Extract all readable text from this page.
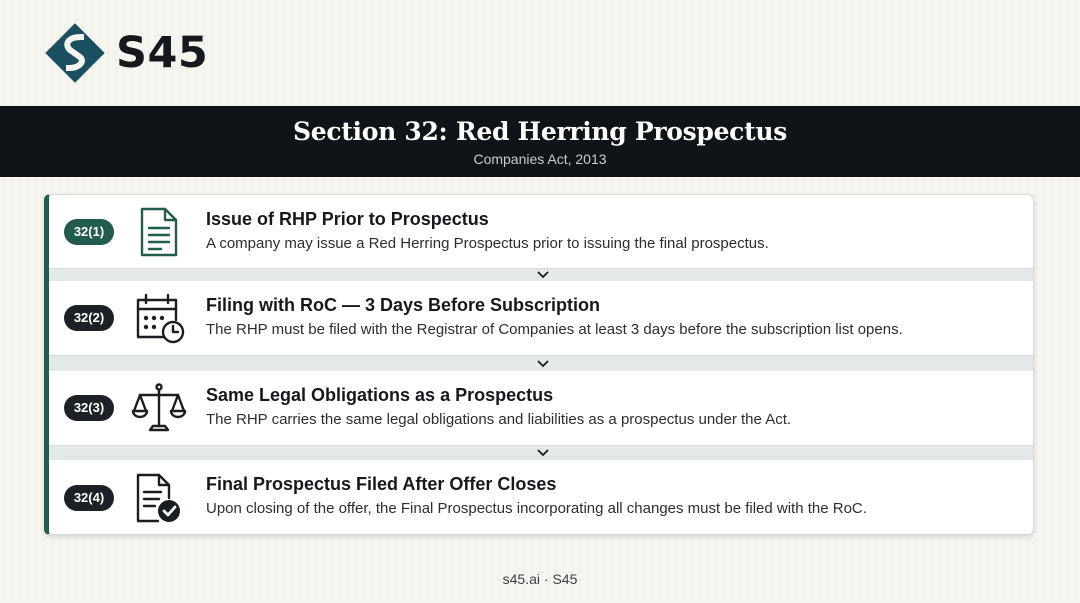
S45
Section 32: Red Herring Prospectus
Companies Act, 2013
32(1)
Issue of RHP Prior to Prospectus
A company may issue a Red Herring Prospectus prior to issuing the final prospectus.
32(2)
Filing with RoC — 3 Days Before Subscription
The RHP must be filed with the Registrar of Companies at least 3 days before the subscription list opens.
32(3)
Same Legal Obligations as a Prospectus
The RHP carries the same legal obligations and liabilities as a prospectus under the Act.
32(4)
Final Prospectus Filed After Offer Closes
Upon closing of the offer, the Final Prospectus incorporating all changes must be filed with the RoC.
s45.ai · S45
